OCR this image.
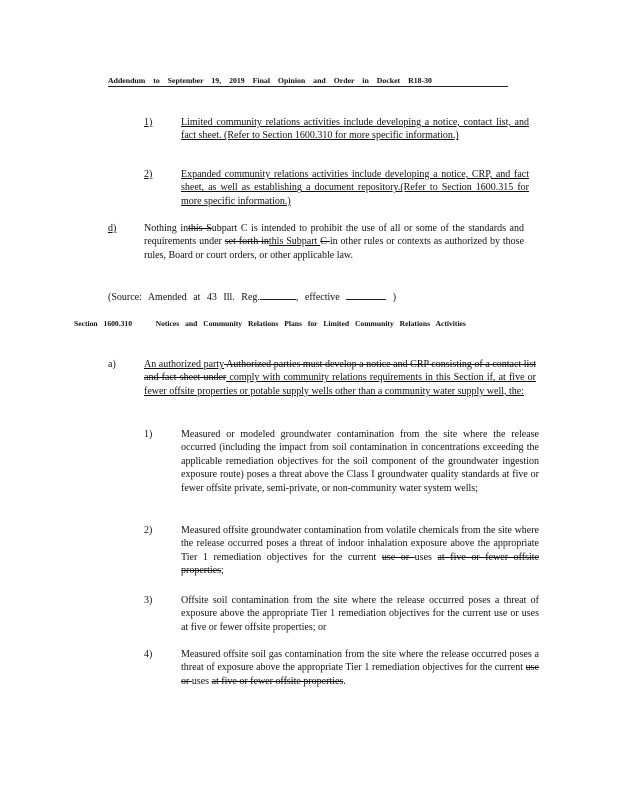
Addendum to September 19, 2019 Final Opinion and Order in Docket R18-30
1)	Limited community relations activities include developing a notice, contact list, and fact sheet. (Refer to Section 1600.310 for more specific information.)
2)	Expanded community relations activities include developing a notice, CRP, and fact sheet, as well as establishing a document repository.(Refer to Section 1600.315 for more specific information.)
d)	Nothing inthis Subpart C is intended to prohibit the use of all or some of the standards and requirements under set forth inthis Subpart C in other rules or contexts as authorized by those rules, Board or court orders, or other applicable law.
(Source: Amended at 43 Ill. Reg.	, effective	)
Section 1600.310	Notices and Community Relations Plans for Limited Community Relations Activities
a)	An authorized party Authorized parties must develop a notice and CRP consisting of a contact list and fact sheet under comply with community relations requirements in this Section if, at five or fewer offsite properties or potable supply wells other than a community water supply well, the:
1)	Measured or modeled groundwater contamination from the site where the release occurred (including the impact from soil contamination in concentrations exceeding the applicable remediation objectives for the soil component of the groundwater ingestion exposure route) poses a threat above the Class I groundwater quality standards at five or fewer offsite private, semi-private, or non-community water system wells;
2)	Measured offsite groundwater contamination from volatile chemicals from the site where the release occurred poses a threat of indoor inhalation exposure above the appropriate Tier 1 remediation objectives for the current use or uses at five or fewer offsite properties;
3)	Offsite soil contamination from the site where the release occurred poses a threat of exposure above the appropriate Tier 1 remediation objectives for the current use or uses at five or fewer offsite properties; or
4)	Measured offsite soil gas contamination from the site where the release occurred poses a threat of exposure above the appropriate Tier 1 remediation objectives for the current use or uses at five or fewer offsite properties.
